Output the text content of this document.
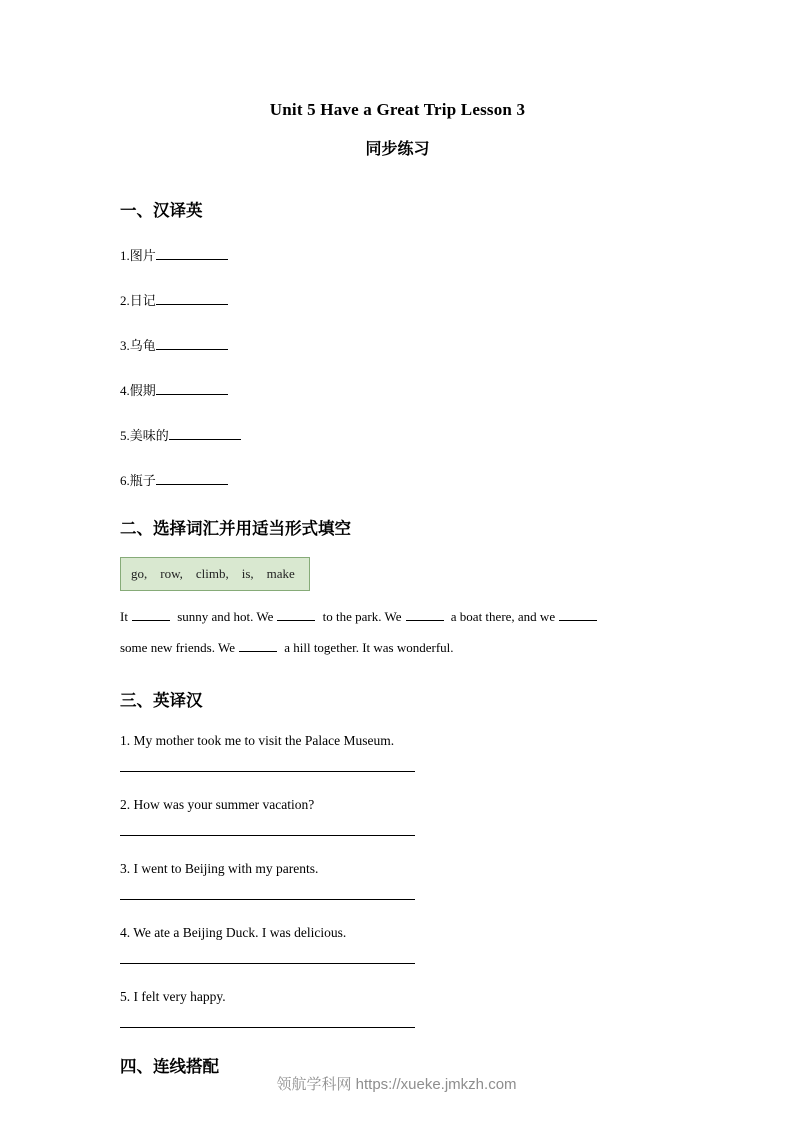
Unit 5 Have a Great Trip Lesson 3
同步练习
一、汉译英
1.图片
2.日记
3.乌龟
4.假期
5.美味的
6.瓶子
二、选择词汇并用适当形式填空
go,    row,    climb,    is,    make

It	sunny and hot. We	to the park. We	a boat there, and we
some new friends. We	a hill together. It was wonderful.

三、英译汉

1. My mother took me to visit the Palace Museum.

2. How was your summer vacation?

3. I went to Beijing with my parents.

4. We ate a Beijing Duck. I was delicious.

5. I felt very happy.

四、连线搭配
领航学科网 https://xueke.jmkzh.com
